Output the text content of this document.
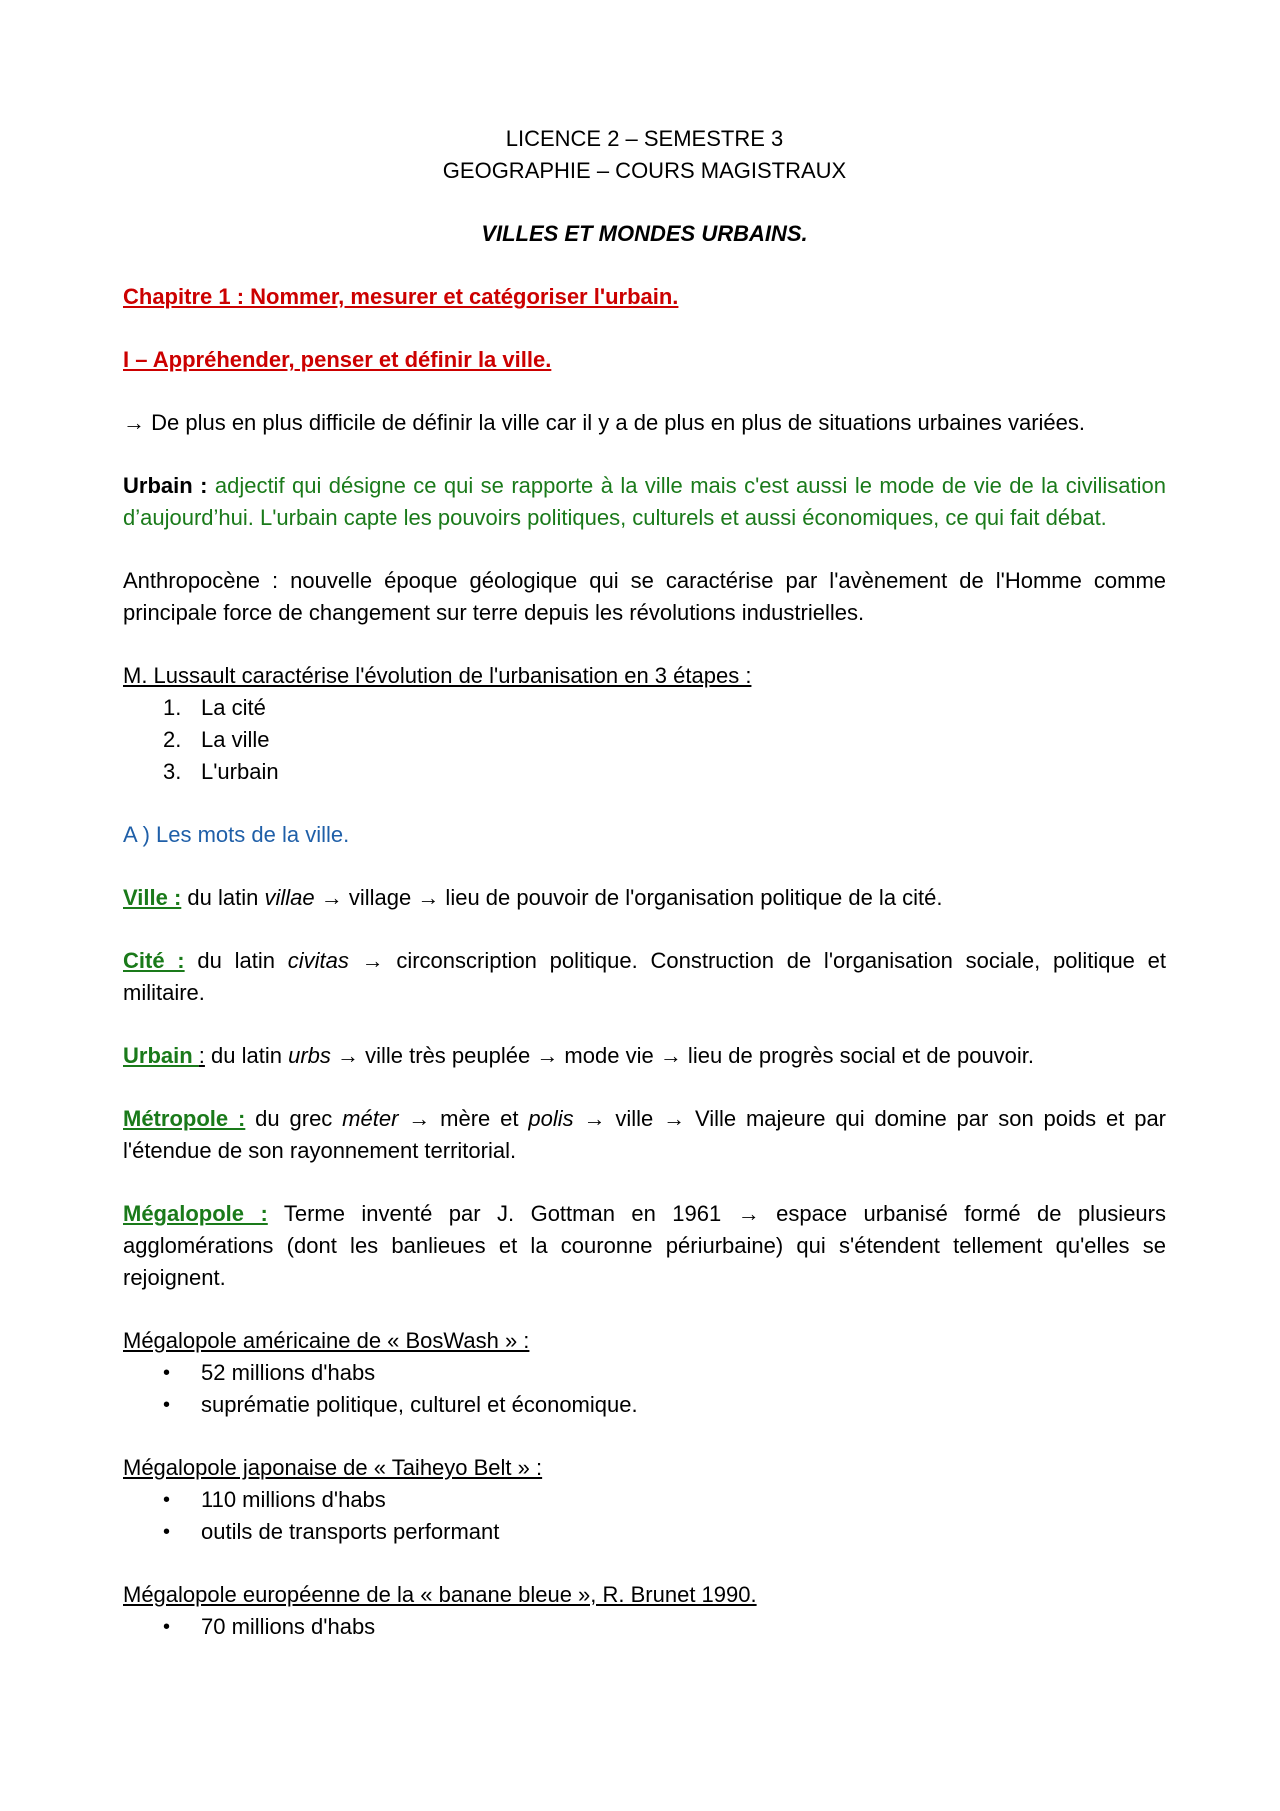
LICENCE 2 – SEMESTRE 3

GEOGRAPHIE – COURS MAGISTRAUX

VILLES ET MONDES URBAINS.

Chapitre 1 : Nommer, mesurer et catégoriser l'urbain.

I – Appréhender, penser et définir la ville.

→ De plus en plus difficile de définir la ville car il y a de plus en plus de situations urbaines variées.

Urbain : adjectif qui désigne ce qui se rapporte à la ville mais c'est aussi le mode de vie de la civilisation d’aujourd’hui. L'urbain capte les pouvoirs politiques, culturels et aussi économiques, ce qui fait débat.

Anthropocène : nouvelle époque géologique qui se caractérise par l'avènement de l'Homme comme principale force de changement sur terre depuis les révolutions industrielles.

M. Lussault caractérise l'évolution de l'urbanisation en 3 étapes :

1. La cité
2. La ville
3. L'urbain

A ) Les mots de la ville.

Ville : du latin villae → village → lieu de pouvoir de l'organisation politique de la cité.

Cité : du latin civitas → circonscription politique. Construction de l'organisation sociale, politique et militaire.

Urbain : du latin urbs → ville très peuplée → mode vie → lieu de progrès social et de pouvoir.

Métropole : du grec méter → mère et polis → ville → Ville majeure qui domine par son poids et par l'étendue de son rayonnement territorial.

Mégalopole : Terme inventé par J. Gottman en 1961 → espace urbanisé formé de plusieurs agglomérations (dont les banlieues et la couronne périurbaine) qui s'étendent tellement qu'elles se rejoignent.

Mégalopole américaine de « BosWash » :

•	52 millions d'habs
•	suprématie politique, culturel et économique.

Mégalopole japonaise de « Taiheyo Belt » :

•	110 millions d'habs
•	outils de transports performant

Mégalopole européenne de la « banane bleue », R. Brunet 1990.

•	70 millions d'habs
